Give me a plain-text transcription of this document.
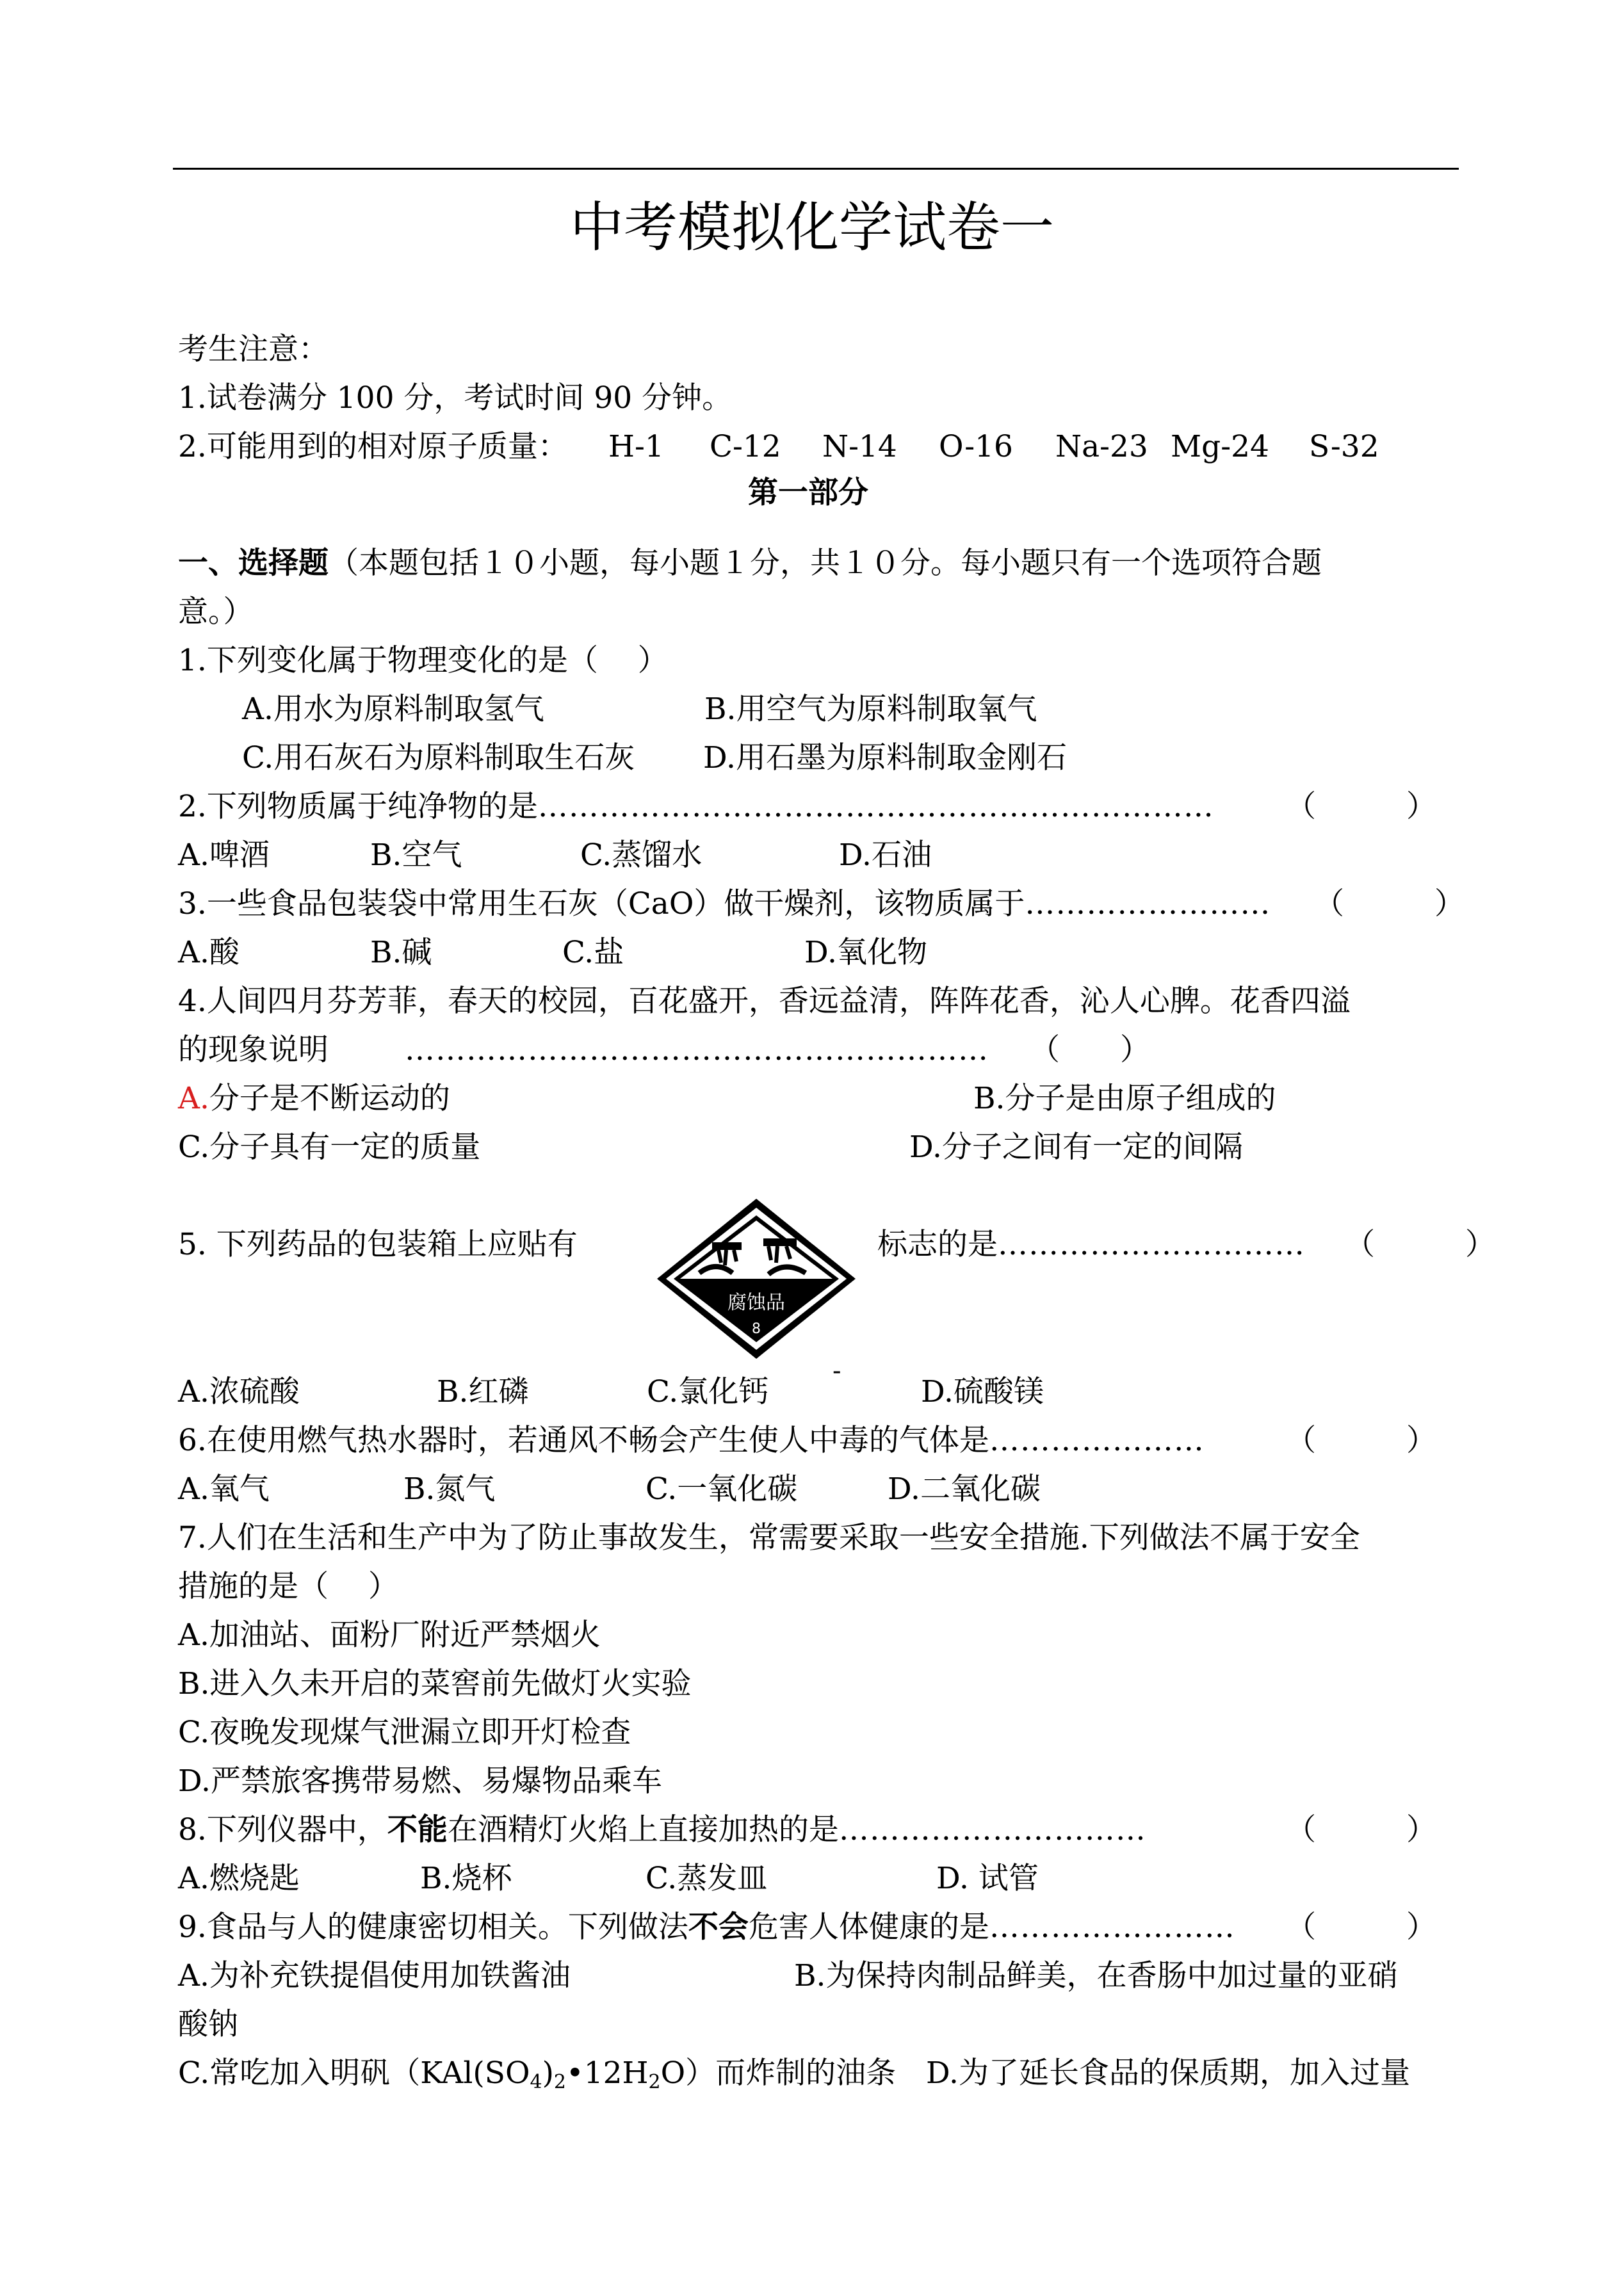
中考模拟化学试卷一
考生注意：
1.试卷满分 100 分，考试时间 90 分钟。
2.可能用到的相对原子质量： H-1 C-12 N-14 O-16 Na-23 Mg-24 S-32
第一部分
一、选择题（本题包括１０小题，每小题１分，共１０分。每小题只有一个选项符合题
意。）
1.下列变化属于物理变化的是（　 ）
A.用水为原料制取氢气	B.用空气为原料制取氧气
C.用石灰石为原料制取生石灰 D.用石墨为原料制取金刚石
2.下列物质属于纯净物的是………………………………………………………… （　　　）
A.啤酒	B.空气	C.蒸馏水	D.石油
3.一些食品包装袋中常用生石灰（CaO）做干燥剂，该物质属于…………………… （　　　）
A.酸	B.碱	C.盐	D.氧化物
4.人间四月芬芳菲，春天的校园，百花盛开，香远益清，阵阵花香，沁人心脾。花香四溢
的现象说明	………………………………………………… （　　）
A.分子是不断运动的	B.分子是由原子组成的
C.分子具有一定的质量	D.分子之间有一定的间隔
5. 下列药品的包装箱上应贴有
腐蚀品
8
标志的是………………………… （　　　）
-
A.浓硫酸	B.红磷	C.氯化钙	D.硫酸镁
6.在使用燃气热水器时，若通风不畅会产生使人中毒的气体是…………………	（　　　）
A.氧气	B.氮气	C.一氧化碳	D.二氧化碳
7.人们在生活和生产中为了防止事故发生，常需要采取一些安全措施.下列做法不属于安全
措施的是（　 ）
A.加油站、面粉厂附近严禁烟火
B.进入久未开启的菜窖前先做灯火实验
C.夜晚发现煤气泄漏立即开灯检查
D.严禁旅客携带易燃、易爆物品乘车
8.下列仪器中，不能在酒精灯火焰上直接加热的是…………………………	（　　　）
A.燃烧匙	B.烧杯	C.蒸发皿	D. 试管
9.食品与人的健康密切相关。下列做法不会危害人体健康的是…………………… （　　　）
A.为补充铁提倡使用加铁酱油	B.为保持肉制品鲜美，在香肠中加过量的亚硝
酸钠
C.常吃加入明矾$(KAl(SO_4)_2•12H_2O)$而炸制的油条 D.为了延长食品的保质期，加入过量
